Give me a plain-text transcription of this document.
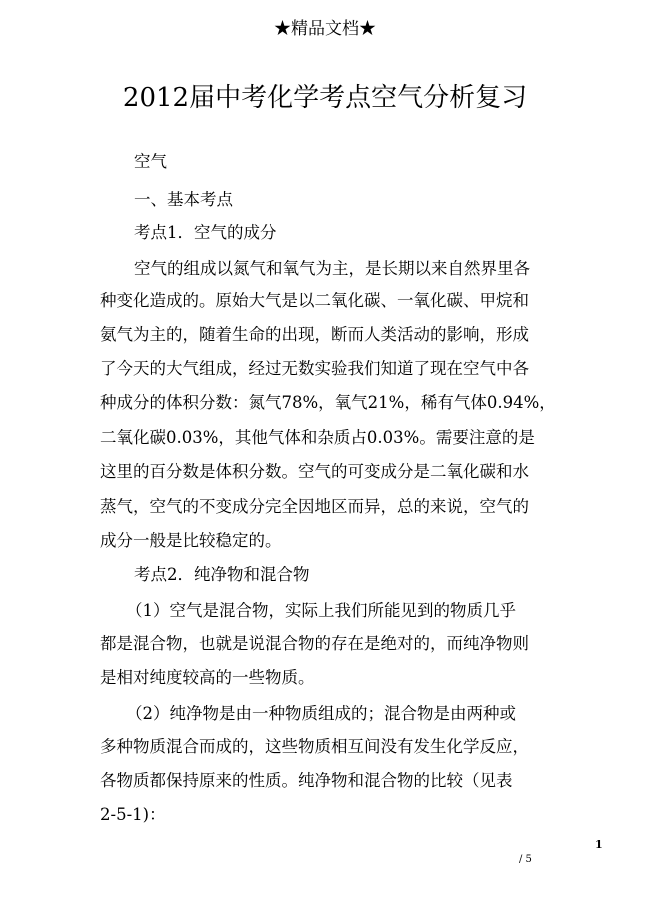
★精品文档★
2012届中考化学考点空气分析复习
空气
一、基本考点
考点1．空气的成分
空气的组成以氮气和氧气为主，是长期以来自然界里各
种变化造成的。原始大气是以二氧化碳、一氧化碳、甲烷和
氨气为主的，随着生命的出现，断而人类活动的影响，形成
了今天的大气组成，经过无数实验我们知道了现在空气中各
种成分的体积分数：氮气78%，氧气21%，稀有气体0.94%，
二氧化碳0.03%，其他气体和杂质占0.03%。需要注意的是
这里的百分数是体积分数。空气的可变成分是二氧化碳和水
蒸气，空气的不变成分完全因地区而异，总的来说，空气的
成分一般是比较稳定的。
考点2．纯净物和混合物
（1）空气是混合物，实际上我们所能见到的物质几乎
都是混合物，也就是说混合物的存在是绝对的，而纯净物则
是相对纯度较高的一些物质。
（2）纯净物是由一种物质组成的；混合物是由两种或
多种物质混合而成的，这些物质相互间没有发生化学反应，
各物质都保持原来的性质。纯净物和混合物的比较（见表
2-5-1)：
1
/ 5
